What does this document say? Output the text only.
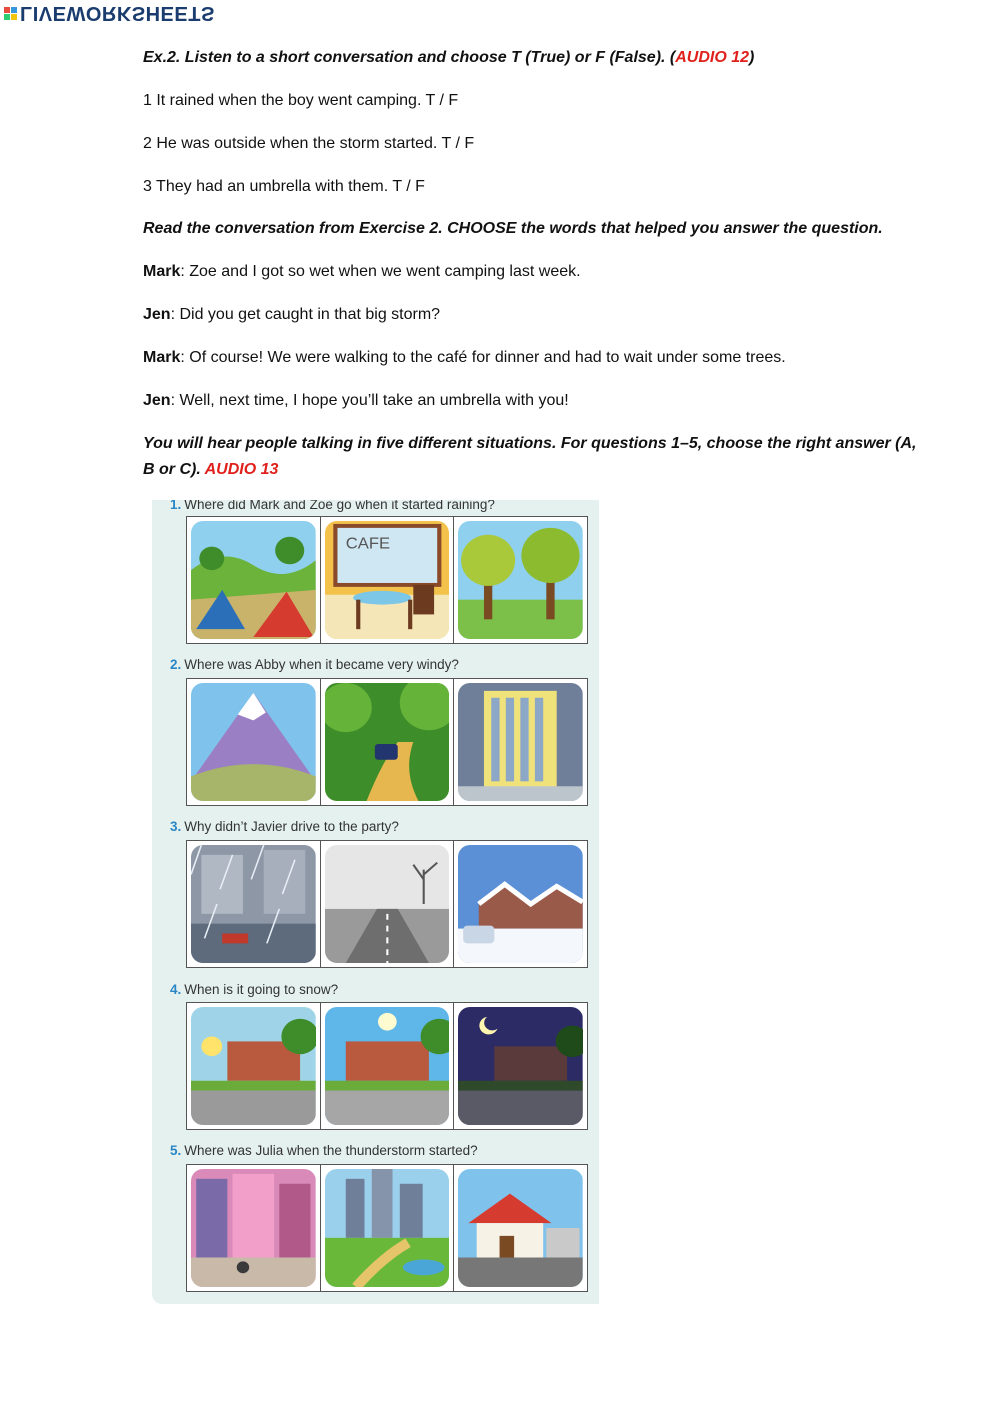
LIVEWORKSHEETS
Ex.2. Listen to a short conversation and choose T (True) or F (False). (AUDIO 12)
1 It rained when the boy went camping. T / F
2 He was outside when the storm started. T / F
3 They had an umbrella with them. T / F
Read the conversation from Exercise 2. CHOOSE the words that helped you answer the question.
Mark: Zoe and I got so wet when we went camping last week.
Jen: Did you get caught in that big storm?
Mark: Of course! We were walking to the café for dinner and had to wait under some trees.
Jen: Well, next time, I hope you’ll take an umbrella with you!
You will hear people talking in five different situations. For questions 1–5, choose the right answer (A,
B or C). AUDIO 13
1. Where did Mark and Zoe go when it started raining?
CAFE
2. Where was Abby when it became very windy?
3. Why didn’t Javier drive to the party?
4. When is it going to snow?
5. Where was Julia when the thunderstorm started?
